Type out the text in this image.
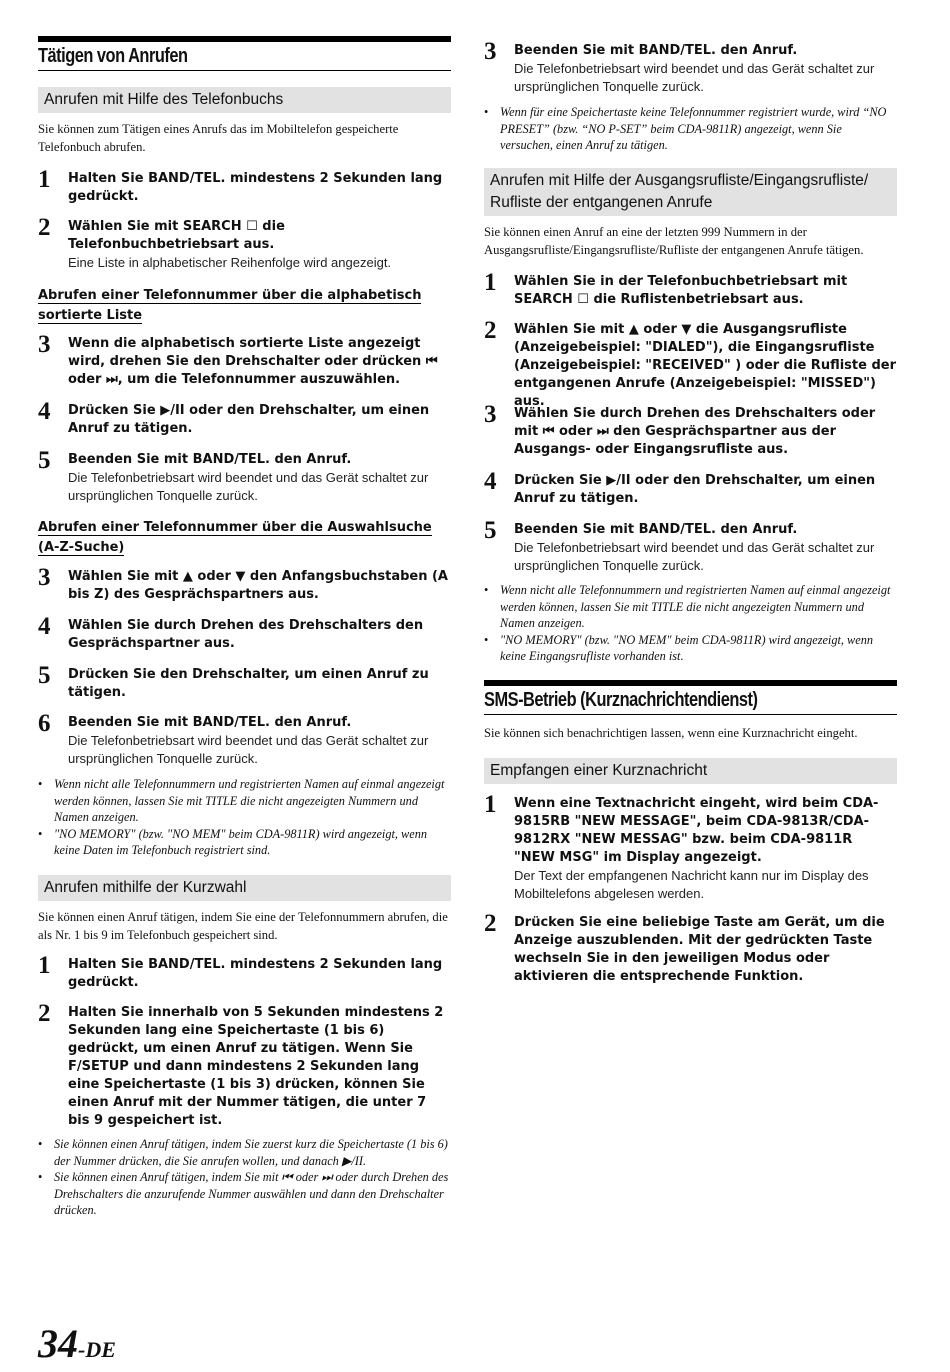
Tätigen von Anrufen
Anrufen mit Hilfe des Telefonbuchs
Sie können zum Tätigen eines Anrufs das im Mobiltelefon gespeicherte Telefonbuch abrufen.
1 Halten Sie BAND/TEL. mindestens 2 Sekunden lang gedrückt.
2 Wählen Sie mit SEARCH ☐ die Telefonbuchbetriebsart aus.
Eine Liste in alphabetischer Reihenfolge wird angezeigt.
Abrufen einer Telefonnummer über die alphabetisch sortierte Liste
3 Wenn die alphabetisch sortierte Liste angezeigt wird, drehen Sie den Drehschalter oder drücken ⏮ oder ⏭, um die Telefonnummer auszuwählen.
4 Drücken Sie ▶/II oder den Drehschalter, um einen Anruf zu tätigen.
5 Beenden Sie mit BAND/TEL. den Anruf.
Die Telefonbetriebsart wird beendet und das Gerät schaltet zur ursprünglichen Tonquelle zurück.
Abrufen einer Telefonnummer über die Auswahlsuche (A-Z-Suche)
3 Wählen Sie mit ▲ oder ▼ den Anfangsbuchstaben (A bis Z) des Gesprächspartners aus.
4 Wählen Sie durch Drehen des Drehschalters den Gesprächspartner aus.
5 Drücken Sie den Drehschalter, um einen Anruf zu tätigen.
6 Beenden Sie mit BAND/TEL. den Anruf.
Die Telefonbetriebsart wird beendet und das Gerät schaltet zur ursprünglichen Tonquelle zurück.
• Wenn nicht alle Telefonnummern und registrierten Namen auf einmal angezeigt werden können, lassen Sie mit TITLE die nicht angezeigten Nummern und Namen anzeigen.
• "NO MEMORY" (bzw. "NO MEM" beim CDA-9811R) wird angezeigt, wenn keine Daten im Telefonbuch registriert sind.
Anrufen mithilfe der Kurzwahl
Sie können einen Anruf tätigen, indem Sie eine der Telefonnummern abrufen, die als Nr. 1 bis 9 im Telefonbuch gespeichert sind.
1 Halten Sie BAND/TEL. mindestens 2 Sekunden lang gedrückt.
2 Halten Sie innerhalb von 5 Sekunden mindestens 2 Sekunden lang eine Speichertaste (1 bis 6) gedrückt, um einen Anruf zu tätigen. Wenn Sie F/SETUP und dann mindestens 2 Sekunden lang eine Speichertaste (1 bis 3) drücken, können Sie einen Anruf mit der Nummer tätigen, die unter 7 bis 9 gespeichert ist.
• Sie können einen Anruf tätigen, indem Sie zuerst kurz die Speichertaste (1 bis 6) der Nummer drücken, die Sie anrufen wollen, und danach ▶/II.
• Sie können einen Anruf tätigen, indem Sie mit ⏮ oder ⏭ oder durch Drehen des Drehschalters die anzurufende Nummer auswählen und dann den Drehschalter drücken.
3 Beenden Sie mit BAND/TEL. den Anruf.
Die Telefonbetriebsart wird beendet und das Gerät schaltet zur ursprünglichen Tonquelle zurück.
• Wenn für eine Speichertaste keine Telefonnummer registriert wurde, wird “NO PRESET” (bzw. “NO P-SET” beim CDA-9811R) angezeigt, wenn Sie versuchen, einen Anruf zu tätigen.
Anrufen mit Hilfe der Ausgangsrufliste/Eingangsrufliste/ Rufliste der entgangenen Anrufe
Sie können einen Anruf an eine der letzten 999 Nummern in der Ausgangsrufliste/Eingangsrufliste/Rufliste der entgangenen Anrufe tätigen.
1 Wählen Sie in der Telefonbuchbetriebsart mit SEARCH ☐ die Ruflistenbetriebsart aus.
2 Wählen Sie mit ▲ oder ▼ die Ausgangsrufliste (Anzeigebeispiel: "DIALED"), die Eingangsrufliste (Anzeigebeispiel: "RECEIVED" ) oder die Rufliste der entgangenen Anrufe (Anzeigebeispiel: "MISSED") aus.
3 Wählen Sie durch Drehen des Drehschalters oder mit ⏮ oder ⏭ den Gesprächspartner aus der Ausgangs- oder Eingangsrufliste aus.
4 Drücken Sie ▶/II oder den Drehschalter, um einen Anruf zu tätigen.
5 Beenden Sie mit BAND/TEL. den Anruf.
Die Telefonbetriebsart wird beendet und das Gerät schaltet zur ursprünglichen Tonquelle zurück.
• Wenn nicht alle Telefonnummern und registrierten Namen auf einmal angezeigt werden können, lassen Sie mit TITLE die nicht angezeigten Nummern und Namen anzeigen.
• "NO MEMORY" (bzw. "NO MEM" beim CDA-9811R) wird angezeigt, wenn keine Eingangsrufliste vorhanden ist.
SMS-Betrieb (Kurznachrichtendienst)
Sie können sich benachrichtigen lassen, wenn eine Kurznachricht eingeht.
Empfangen einer Kurznachricht
1 Wenn eine Textnachricht eingeht, wird beim CDA-9815RB "NEW MESSAGE", beim CDA-9813R/CDA-9812RX "NEW MESSAG" bzw. beim CDA-9811R "NEW MSG" im Display angezeigt.
Der Text der empfangenen Nachricht kann nur im Display des Mobiltelefons abgelesen werden.
2 Drücken Sie eine beliebige Taste am Gerät, um die Anzeige auszublenden. Mit der gedrückten Taste wechseln Sie in den jeweiligen Modus oder aktivieren die entsprechende Funktion.
34-DE
